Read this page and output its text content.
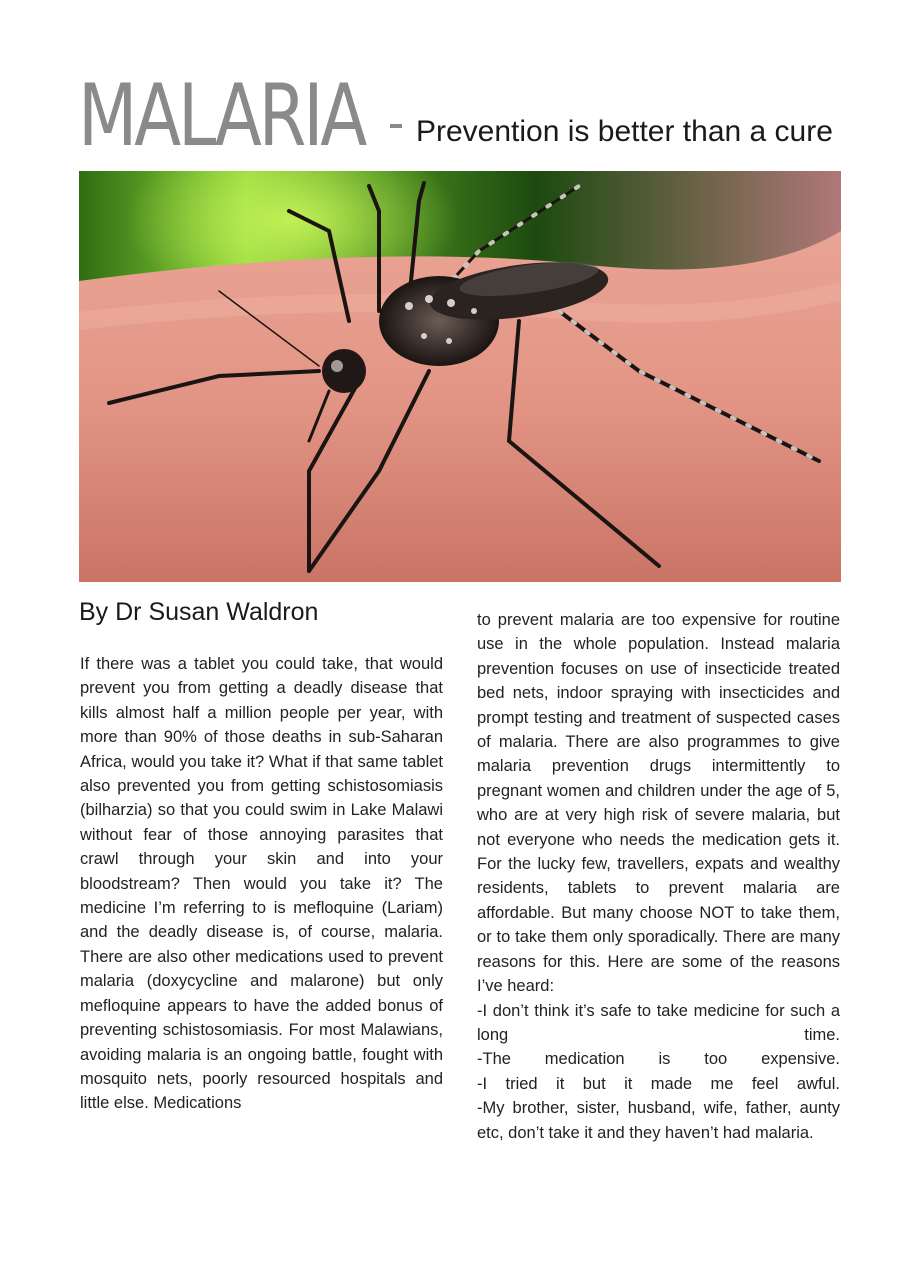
MALARIA Prevention is better than a cure
By Dr Susan Waldron

If there was a tablet you could take, that would prevent you from getting a deadly disease that kills almost half a million people per year, with more than 90% of those deaths in sub-Saharan Africa, would you take it? What if that same tablet also prevented you from getting schistosomiasis (bilharzia) so that you could swim in Lake Malawi without fear of those annoying parasites that crawl through your skin and into your bloodstream? Then would you take it? The medicine I’m referring to is mefloquine (Lariam) and the deadly disease is, of course, malaria. There are also other medications used to prevent malaria (doxycycline and malarone) but only mefloquine appears to have the added bonus of preventing schistosomiasis. For most Malawians, avoiding malaria is an ongoing battle, fought with mosquito nets, poorly resourced hospitals and little else. Medications

to prevent malaria are too expensive for routine use in the whole population. Instead malaria prevention focuses on use of insecticide treated bed nets, indoor spraying with insecticides and prompt testing and treatment of suspected cases of malaria. There are also programmes to give malaria prevention drugs intermittently to pregnant women and children under the age of 5, who are at very high risk of severe malaria, but not everyone who needs the medication gets it. For the lucky few, travellers, expats and wealthy residents, tablets to prevent malaria are affordable. But many choose NOT to take them, or to take them only sporadically. There are many reasons for this. Here are some of the reasons I’ve heard:

-I don’t think it’s safe to take medicine for such a long time.

-The medication is too expensive.

-I tried it but it made me feel awful.

-My brother, sister, husband, wife, father, aunty etc, don’t take it and they haven’t had malaria.
